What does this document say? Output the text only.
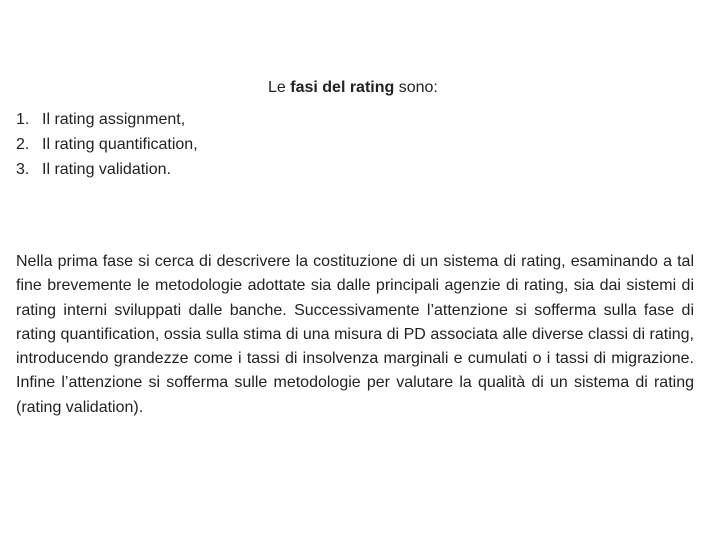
Le fasi del rating sono:
1. Il rating assignment,
2. Il rating quantification,
3. Il rating validation.

Nella prima fase si cerca di descrivere la costituzione di un sistema di rating, esaminando a tal fine brevemente le metodologie adottate sia dalle principali agenzie di rating, sia dai sistemi di rating interni sviluppati dalle banche. Successivamente l’attenzione si sofferma sulla fase di rating quantification, ossia sulla stima di una misura di PD associata alle diverse classi di rating, introducendo grandezze come i tassi di insolvenza marginali e cumulati o i tassi di migrazione. Infine l’attenzione si sofferma sulle metodologie per valutare la qualità di un sistema di rating (rating validation).
